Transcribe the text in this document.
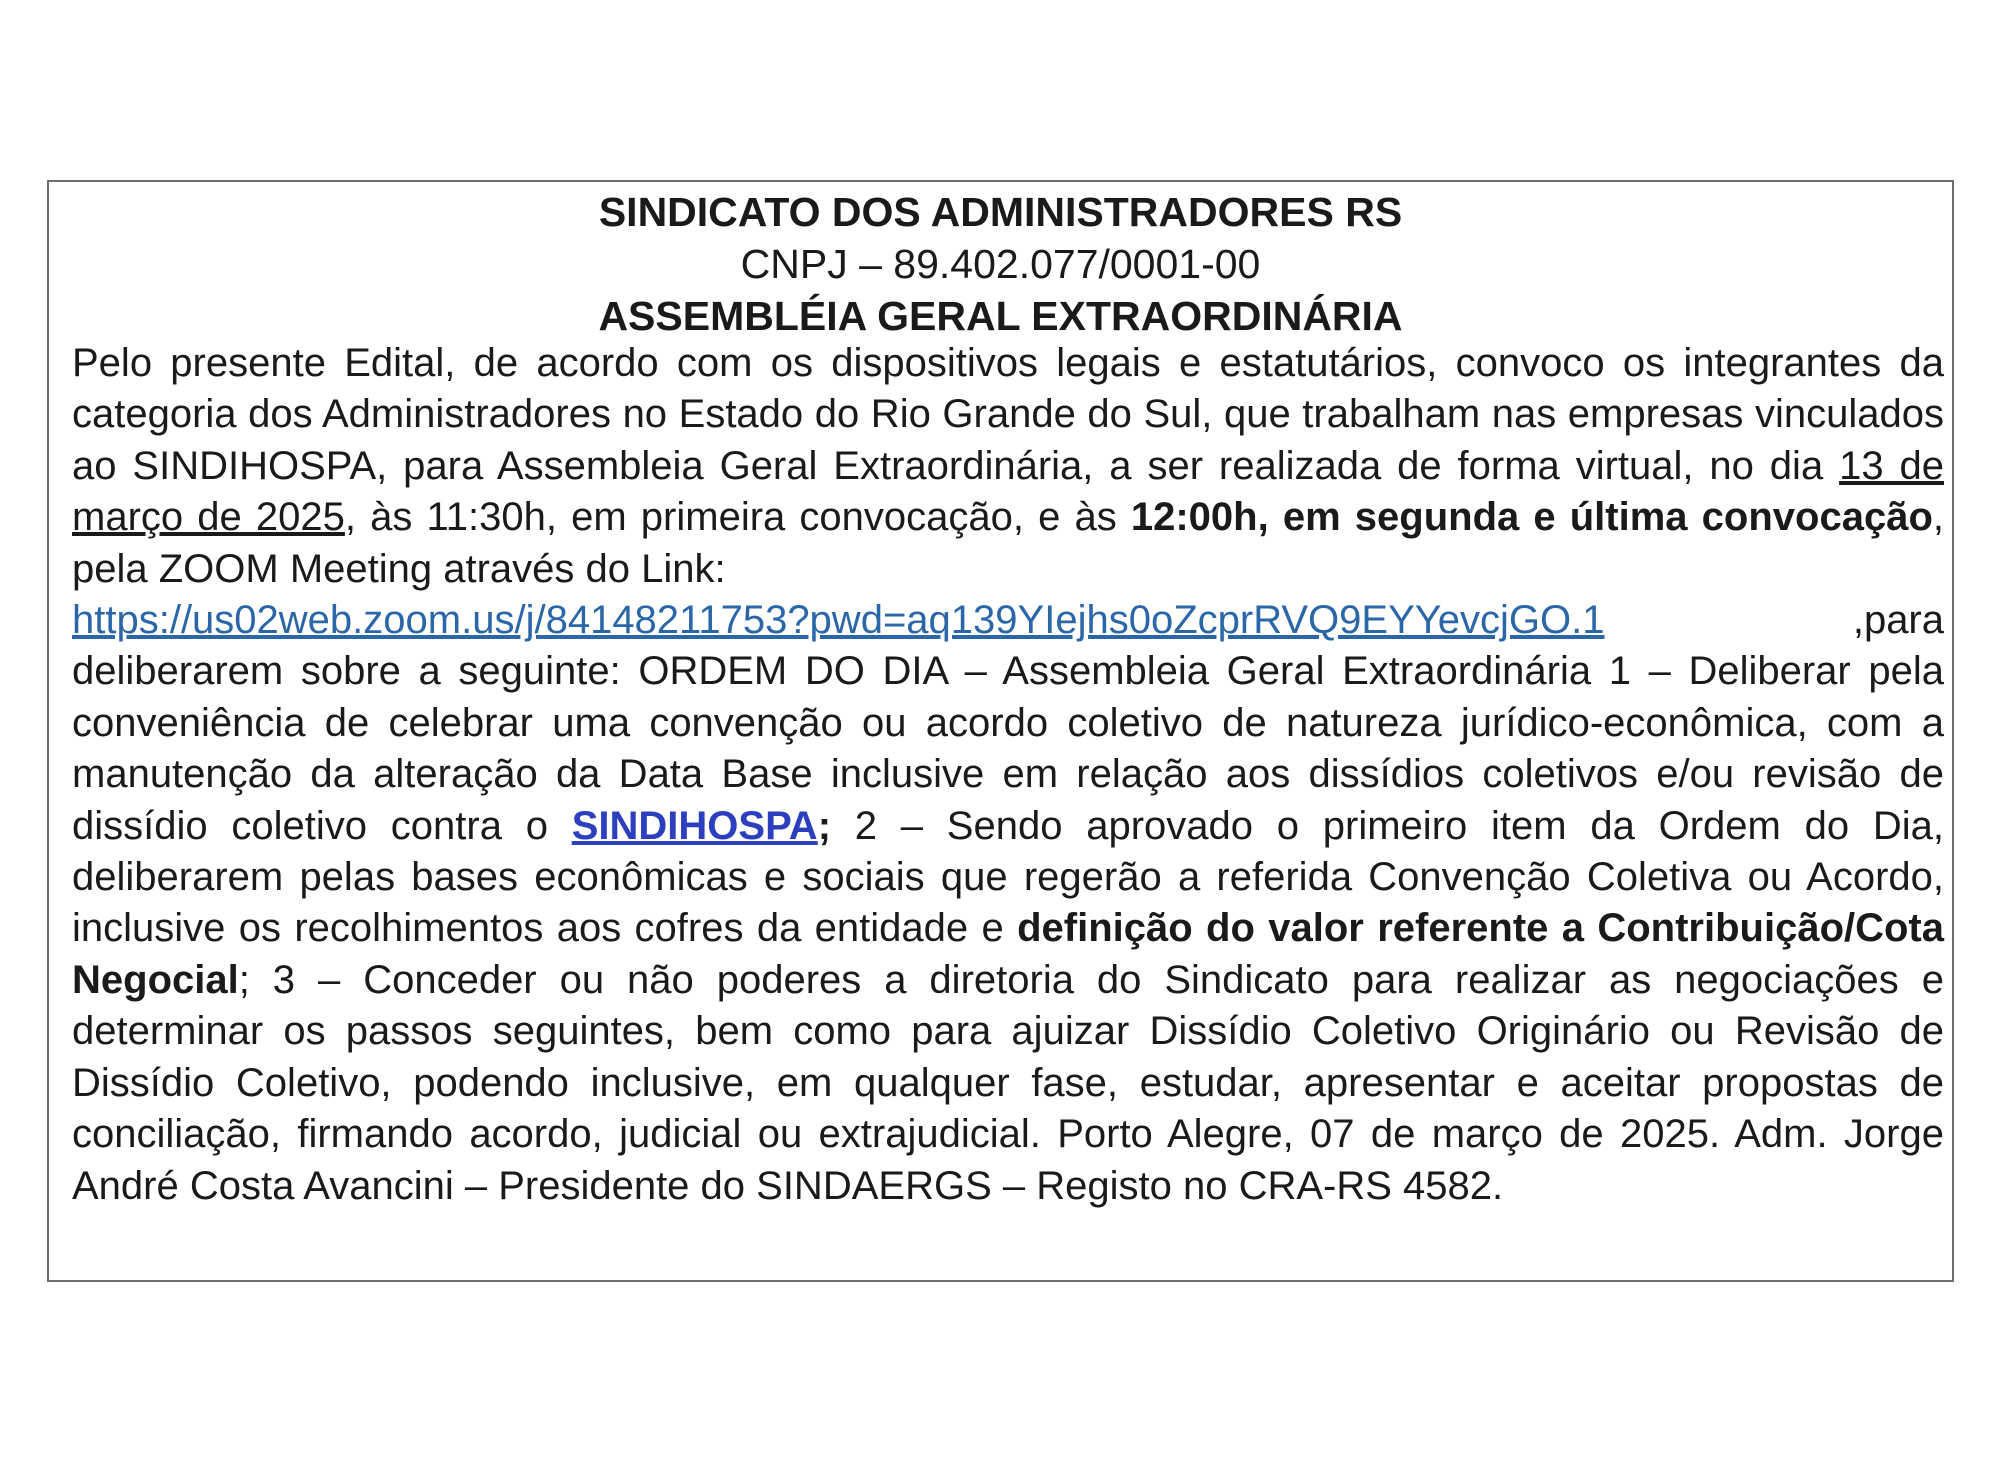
SINDICATO DOS ADMINISTRADORES RS
CNPJ – 89.402.077/0001-00
ASSEMBLÉIA GERAL EXTRAORDINÁRIA
Pelo presente Edital, de acordo com os dispositivos legais e estatutários, convoco os integrantes da categoria dos Administradores no Estado do Rio Grande do Sul, que trabalham nas empresas vinculados ao SINDIHOSPA, para Assembleia Geral Extraordinária, a ser realizada de forma virtual, no dia 13 de março de 2025, às 11:30h, em primeira convocação, e às 12:00h, em segunda e última convocação, pela ZOOM Meeting através do Link:
https://us02web.zoom.us/j/84148211753?pwd=aq139YIejhs0oZcprRVQ9EYYevcjGO.1	,para
deliberarem sobre a seguinte: ORDEM DO DIA – Assembleia Geral Extraordinária 1 – Deliberar pela conveniência de celebrar uma convenção ou acordo coletivo de natureza jurídico-econômica, com a manutenção da alteração da Data Base inclusive em relação aos dissídios coletivos e/ou revisão de dissídio coletivo contra o SINDIHOSPA; 2 – Sendo aprovado o primeiro item da Ordem do Dia, deliberarem pelas bases econômicas e sociais que regerão a referida Convenção Coletiva ou Acordo, inclusive os recolhimentos aos cofres da entidade e definição do valor referente a Contribuição/Cota Negocial; 3 – Conceder ou não poderes a diretoria do Sindicato para realizar as negociações e determinar os passos seguintes, bem como para ajuizar Dissídio Coletivo Originário ou Revisão de Dissídio Coletivo, podendo inclusive, em qualquer fase, estudar, apresentar e aceitar propostas de conciliação, firmando acordo, judicial ou extrajudicial. Porto Alegre, 07 de março de 2025. Adm. Jorge André Costa Avancini – Presidente do SINDAERGS – Registo no CRA-RS 4582.
